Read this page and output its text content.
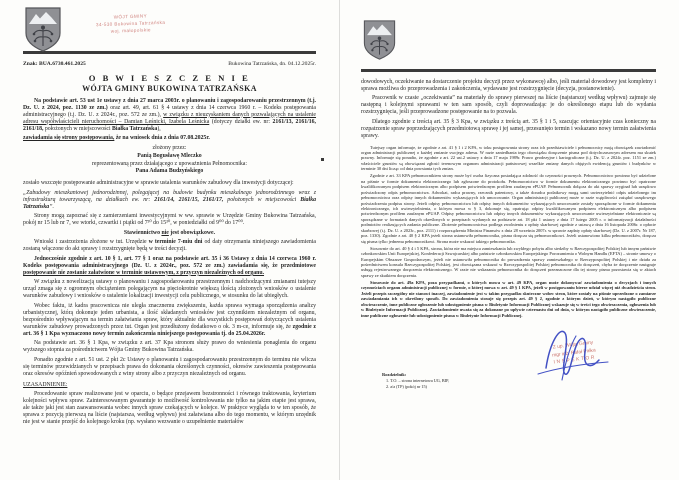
WÓJT GMINY
34-530 Bukowina Tatrzańska
woj. małopolskie
Znak: BUA.6730.461.2025	Bukowina Tatrzańska, dn. 04.12.2025r.
O B W I E S Z C Z E N I E
WÓJTA GMINY BUKOWINA TATRZAŃSKA

Na podstawie art. 53 ust 1e ustawy z dnia 27 marca 2003r. o planowaniu i zagospodarowaniu przestrzennym (t.j. Dz. U. z 2024, poz. 1130 ze zm.) oraz art. 49, art. 61 § 4 ustawy z dnia 14 czerwca 1960 r. – Kodeks postępowania administracyjnego (t.j. Dz. U. z 2024r., poz. 572 ze zm.), w związku z nieuzyskaniem danych pozwalających na ustalenie adresu współwłaścicieli nieruchomości – Damian Leśnicki, Izabela Leśnicka (dotyczy działki ew. nr: 2161/13, 2161/16, 2161/18, położonych w miejscowości Białka Tatrzańska),

zawiadamia się strony postępowania, że na wniosek dnia z dnia 07.08.2025r.

złożony przez:
Panią Bogusławę Mleczko
reprezentowaną przez działającego z upoważnienia Pełnomocnika:
Pana Adama Budzyńskiego

zostało wszczęte postępowanie administracyjne w sprawie ustalenia warunków zabudowy dla inwestycji dotyczącej:

„Zabudowy mieszkaniowej jednorodzinnej, polegającej na budowie budynku mieszkalnego jednorodzinnego wraz z infrastrukturą towarzyszącą, na działkach ew. nr: 2161/14, 2161/15, 2161/17, położonych w miejscowości Białka Tatrzańska”.

Strony mogą zapoznać się z zamierzeniami inwestycyjnymi w ww. sprawie w Urzędzie Gminy Bukowina Tatrzańska, pokój nr 15 lub nr 7, we wtorki, czwartki i piątki od 7³⁰ do 15³⁰, w poniedziałki od 9⁰⁰ do 17⁰⁰.

Stawiennictwo nie jest obowiązkowe.

Wnioski i zastrzeżenia złożone w tut. Urzędzie w terminie 7-miu dni od daty otrzymania niniejszego zawiadomienia zostaną włączone do akt sprawy i rozstrzygnięte będą w treści decyzji.

Jednocześnie zgodnie z art. 10 § 1, art. 77 § 1 oraz na podstawie art. 35 i 36 Ustawy z dnia 14 czerwca 1960 r. Kodeks postępowania administracyjnego (Dz. U. z 2024r., poz. 572 ze zm.) zawiadamia się, że przedmiotowe postępowanie nie zostanie załatwione w terminie ustawowym, z przyczyn niezależnych od organu.

W związku z nowelizacją ustawy o planowaniu i zagospodarowaniu przestrzennym i nadchodzącymi zmianami tutejszy urząd zmaga się z ogromnym obciążeniem polegającym na pięciokrotnie większą ilością złożonych wniosków o ustalenie warunków zabudowy i wniosków o ustalenie lokalizacji inwestycji celu publicznego, w stosunku do lat ubiegłych.

Wobec faktu, iż kadra pracownicza nie uległa znacznemu zwiększeniu, każda sprawa wymaga sporządzenia analizy urbanistycznej, którą dokonuje jeden urbanista, a ilość składanych wniosków jest czynnikiem niezależnym od organu, bezpośrednio wpływającym na termin załatwiania spraw, który aktualnie dla wszystkich postępowań dotyczących ustalenia warunków zabudowy prowadzonych przez tut. Organ jest przedłużony dodatkowo o ok. 3 m-ce, informuje się, że zgodnie z art. 36 § 1 Kpa wyznaczono nowy termin zakończenia niniejszego postępowania tj. do 25.04.2026r.

Na podstawie art. 36 § 1 Kpa, w związku z art. 37 Kpa stronom służy prawo do wniesienia ponaglenia do organu wyższego stopnia za pośrednictwem Wójta Gminy Bukowina Tatrzańska.

Ponadto zgodnie z art. 51 ust. 2 pkt 2c Ustawy o planowaniu i zagospodarowaniu przestrzennym do terminu nie wlicza się terminów przewidzianych w przepisach prawa do dokonania określonych czynności, okresów zawieszenia postępowania oraz okresów opóźnień spowodowanych z winy strony albo z przyczyn niezależnych od organu.

UZASADNIENIE:

Procedowanie spraw realizowane jest w oparciu, o będące przejawem bezstronności i równego traktowania, kryterium kolejności wpływu spraw. Zainteresowanym gwarantuje to możliwość kontrolowania nie tylko na jakim etapie jest sprawa, ale także jaki jest stan zaawansowania wobec innych spraw czekających w kolejce. W praktyce wygląda to w ten sposób, że sprawa z pozycją pierwszą na liście (najstarsza, według wpływu) jest załatwiana albo do tego momentu, w którym urzędnik nie jest w stanie przejść do kolejnego kroku (np. wysłano wezwanie o uzupełnienie materiałów

dowodowych, oczekiwanie na dostarczenie projektu decyzji przez wykonawcę) albo, jeśli materiał dowodowy jest kompletny i sprawa możliwa do przeprowadzenia i zakończenia, wydawane jest rozstrzygnięcie (decyzja, postanowienie).

Pracownik w czasie „oczekiwania” na materiały do sprawy pierwszej na liście (najstarszej według wpływu) zajmuje się następną i kolejnymi sprawami w ten sam sposób, czyli doprowadzając je do określonego etapu lub do wydania rozstrzygnięcia, jeśli przeprowadzone postępowanie na to pozwala.

Dlatego zgodnie z treścią art. 35 § 3 Kpa, w związku z treścią art. 35 § 1 i 5, szacując orientacyjnie czas konieczny na rozpatrzenie spraw poprzedzających przedmiotową sprawę i jej samej, przesunięto termin i wskazano nowy termin załatwienia sprawy.

Tutejszy organ informuje, że zgodnie z art. 41 § 1 i 2 KPA, w toku postępowania strony oraz ich przedstawiciele i pełnomocnicy mają obowiązek zawiadomić organ administracji publicznej o każdej zmianie swojego adresu. W razie zaniedbania tego obowiązku doręczenie pisma pod dotychczasowym adresem ma skutek prawny. Informuje się ponadto, że zgodnie z art. 22 ust.2 ustawy z dnia 17 maja 1989r. Prawo geodezyjne i kartograficzne (t.j. Dz. U. z 2024r. poz. 1151 ze zm.) właściciele gruntów są obowiązani zgłosić terenowym organom administracji państwowej wszelkie zmiany danych objętych ewidencją gruntów i budynków w terminie 30 dni licząc od dnia powstania tych zmian.

Zgodnie z art. 33 KPA pełnomocnikiem strony może być osoba fizyczna posiadająca zdolność do czynności prawnych. Pełnomocnictwo powinno być udzielone na piśmie w formie dokumentu elektronicznego lub zgłoszone do protokołu. Pełnomocnictwo w formie dokumentu elektronicznego powinno być opatrzone kwalifikowanym podpisem elektronicznym albo podpisem potwierdzonym profilem zaufanym ePUAP. Pełnomocnik dołącza do akt sprawy oryginał lub urzędowo poświadczony odpis pełnomocnictwa. Adwokat, radca prawny, rzecznik patentowy, a także doradca podatkowy mogą sami uwierzytelnić odpis udzielonego im pełnomocnictwa oraz odpisy innych dokumentów wykazujących ich umocowanie. Organ administracji publicznej może w razie wątpliwości zażądać urzędowego poświadczenia podpisu strony. Jeżeli odpisy pełnomocnictwa lub odpisy innych dokumentów wykazujących umocowanie zostały sporządzone w formie dokumentu elektronicznego, ich uwierzytelnienia, o którym mowa w § 3, dokonuje się, opatrując odpisy kwalifikowanym podpisem elektronicznym albo podpisem potwierdzonym profilem zaufanym ePUAP. Odpisy pełnomocnictwa lub odpisy innych dokumentów wykazujących umocowanie uwierzytelniane elektronicznie są sporządzane w formatach danych określonych w przepisach wydanych na podstawie art. 18 pkt 1 ustawy z dnia 17 lutego 2005 r. o informatyzacji działalności podmiotów realizujących zadania publiczne. Złożenie pełnomocnictwa podlega zwolnieniu z opłaty skarbowej zgodnie z ustawą z dnia 16 listopada 2006r. o opłacie skarbowej (t.j. Dz. U. z 2023r., poz. 2111) i rozporządzenia Ministra Finansów z dnia 28 września 2007r. w sprawie zapłaty opłaty skarbowej (Dz. U. z 2007r. Nr 187, poz. 1330). Zgodnie z art. 40 § 2 KPA jeżeli strona ustanowiła pełnomocnika, pisma doręcza się pełnomocnikowi. Jeżeli ustanowiono kilku pełnomocników, doręcza się pisma tylko jednemu pełnomocnikowi. Strona może wskazać takiego pełnomocnika.

Stosownie do art. 40 § 4 i 5 KPA, strona, która nie ma miejsca zamieszkania lub zwykłego pobytu albo siedziby w Rzeczypospolitej Polskiej lub innym państwie członkowskim Unii Europejskiej, Konfederacji Szwajcarskiej albo państwie członkowskim Europejskiego Porozumienia o Wolnym Handlu (EFTA) – stronie umowy o Europejskim Obszarze Gospodarczym, jeżeli nie ustanowiła pełnomocnika do prowadzenia sprawy zamieszkałego w Rzeczypospolitej Polskiej i nie działa za pośrednictwem konsula Rzeczypospolitej Polskiej, jest obowiązana wskazać w Rzeczypospolitej Polskiej pełnomocnika do doręczeń, chyba że doręczenie następuje usługą rejestrowanego doręczenia elektronicznego. W razie nie wskazania pełnomocnika do doręczeń przeznaczone dla tej strony pisma pozostawia się w aktach sprawy ze skutkiem doręczenia.

Stosownie do art. 49a KPA, poza przypadkami, o których mowa w art. 49 KPA, organ może dokonywać zawiadomienia o decyzjach i innych czynnościach organu administracji publicznej w formie, o której mowa w art. 49 § 1 KPA, jeżeli w postępowaniu bierze udział więcej niż dwadzieścia stron. Jeżeli przepis szczególny nie stanowi inaczej, zawiadomienie jest w takim przypadku skuteczne wobec stron, które zostały na piśmie uprzedzone o zamiarze zawiadamiania ich w określony sposób. Do zawiadomienia stosuje się przepis art. 49 § 2, zgodnie z którym dzień, w którym nastąpiło publiczne obwieszczenie, inne publiczne ogłoszenie lub udostępnienie pisma w Biuletynie Informacji Publicznej wskazuje się w treści tego obwieszczenia, ogłoszenia lub w Biuletynie Informacji Publicznej. Zawiadomienie uważa się za dokonane po upływie czternastu dni od dnia, w którym nastąpiło publiczne obwieszczenie, inne publiczne ogłoszenie lub udostępnienie pisma w Biuletynie Informacji Publicznej.

Z up. Wójta Gminy
mgr inż. Rafał Pałka
INSPEKTOR
Rozdzielnik:
1. T.O. – strona internetowa UG, BIP,
2. a/a (TP) (pokój nr 15)
